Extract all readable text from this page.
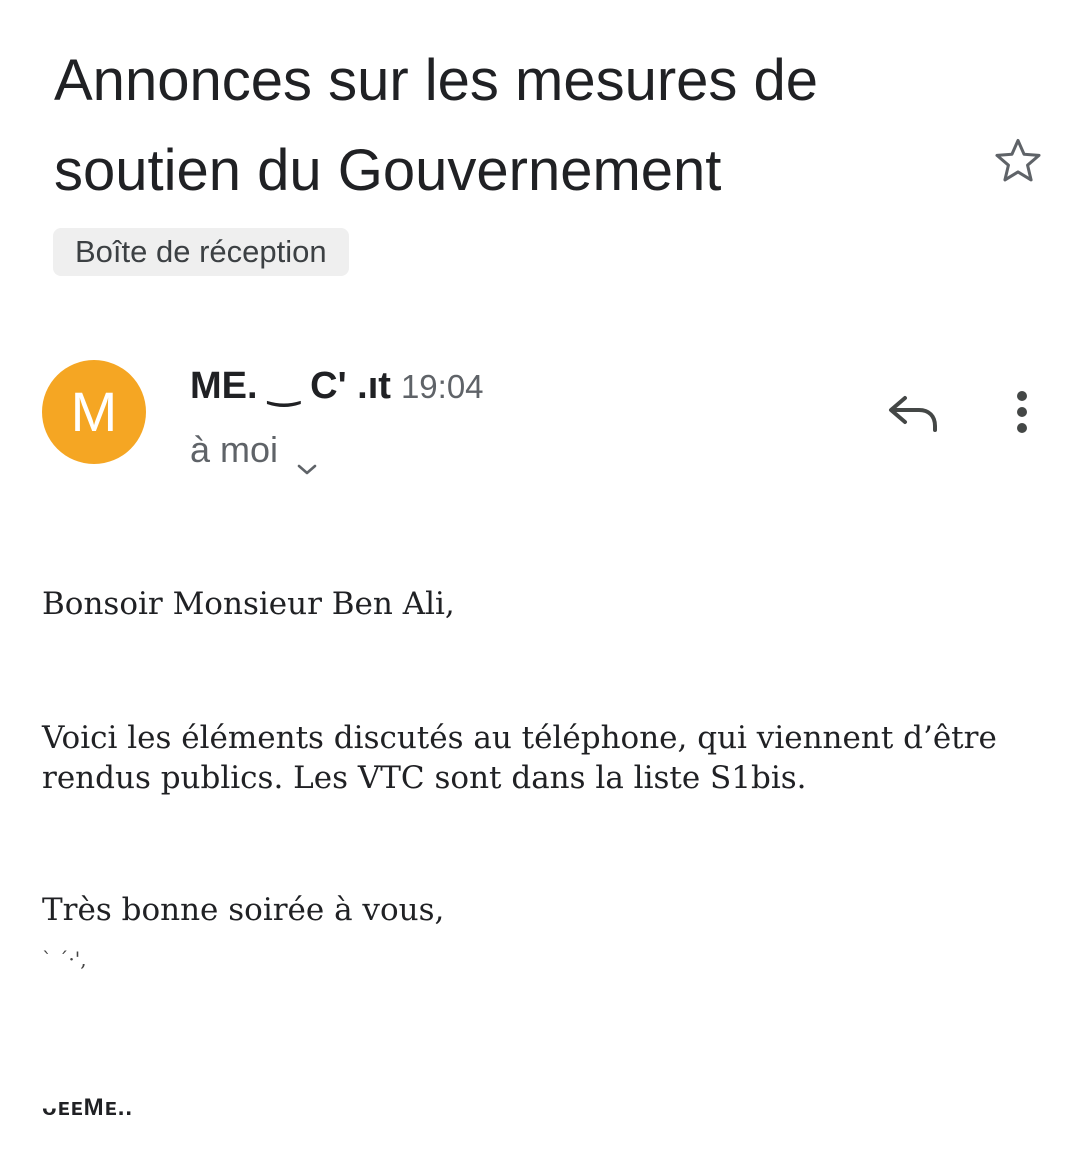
Annonces sur les mesures de soutien du Gouvernement
Boîte de réception
M	ME. ‿ C' .ıt 19:04
à moi

Bonsoir Monsieur Ben Ali,

Voici les éléments discutés au téléphone, qui viennent d’être rendus publics. Les VTC sont dans la liste S1bis.

Très bonne soirée à vous,

` ´·',

ᴗᴇᴇMᴇ..
